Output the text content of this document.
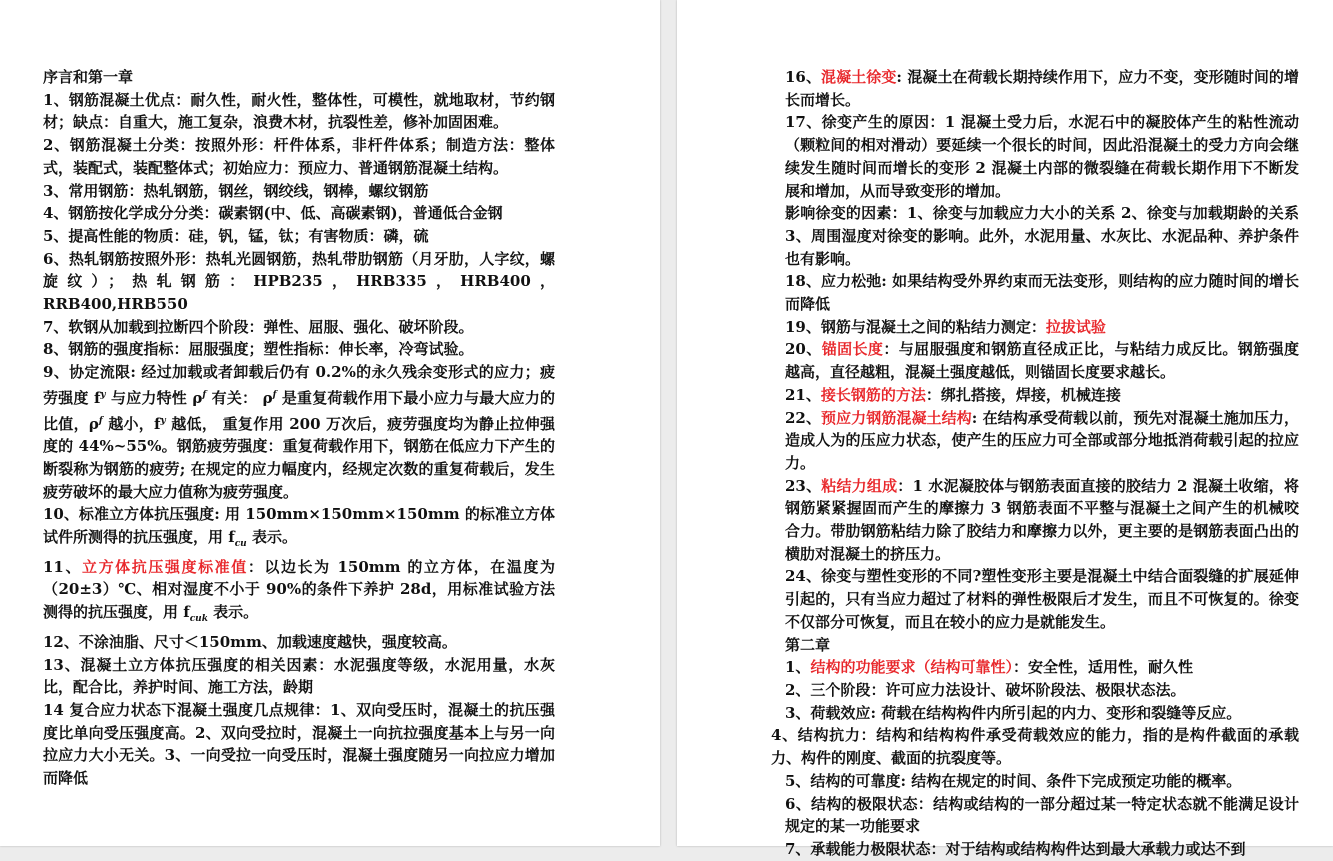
序言和第一章

1、钢筋混凝土优点：耐久性，耐火性，整体性，可模性，就地取材，节约钢材；缺点：自重大，施工复杂，浪费木材，抗裂性差，修补加固困难。

2、钢筋混凝土分类：按照外形：杆件体系，非杆件体系；制造方法：整体式，装配式，装配整体式；初始应力：预应力、普通钢筋混凝土结构。

3、常用钢筋：热轧钢筋，钢丝，钢绞线，钢棒，螺纹钢筋

4、钢筋按化学成分分类：碳素钢(中、低、高碳素钢)，普通低合金钢

5、提高性能的物质：硅，钒，锰，钛；有害物质：磷，硫

6、热轧钢筋按照外形：热轧光圆钢筋，热轧带肋钢筋（月牙肋，人字纹，螺旋纹）；热轧钢筋：HPB235，HRB335，HRB400，RRB400,HRB550

7、软钢从加载到拉断四个阶段：弹性、屈服、强化、破坏阶段。

8、钢筋的强度指标：屈服强度；塑性指标：伸长率，冷弯试验。

9、协定流限: 经过加载或者卸载后仍有 0.2%的永久残余变形式的应力；疲劳强度 $f^y$ 与应力特性 $\rho^f$ 有关： $\rho^f$ 是重复荷载作用下最小应力与最大应力的比值，$\rho^f$ 越小，$f^y$ 越低， 重复作用 200 万次后，疲劳强度均为静止拉伸强度的 44%~55%。钢筋疲劳强度：重复荷载作用下，钢筋在低应力下产生的断裂称为钢筋的疲劳; 在规定的应力幅度内，经规定次数的重复荷载后，发生疲劳破坏的最大应力值称为疲劳强度。

10、标准立方体抗压强度: 用 150mm×150mm×150mm 的标准立方体试件所测得的抗压强度，用 $f_{cu}$ 表示。

11、立方体抗压强度标准值：以边长为 150mm 的立方体，在温度为（20±3）℃、相对湿度不小于 90%的条件下养护 28d，用标准试验方法测得的抗压强度，用 $f_{cuk}$ 表示。

12、不涂油脂、尺寸＜150mm、加载速度越快，强度较高。

13、混凝土立方体抗压强度的相关因素：水泥强度等级，水泥用量，水灰比，配合比，养护时间、施工方法，龄期

14 复合应力状态下混凝土强度几点规律：1、双向受压时，混凝土的抗压强度比单向受压强度高。2、双向受拉时，混凝土一向抗拉强度基本上与另一向拉应力大小无关。3、一向受拉一向受压时，混凝土强度随另一向拉应力增加而降低

16、混凝土徐变: 混凝土在荷载长期持续作用下，应力不变，变形随时间的增长而增长。

17、徐变产生的原因：1 混凝土受力后，水泥石中的凝胶体产生的粘性流动（颗粒间的相对滑动）要延续一个很长的时间，因此沿混凝土的受力方向会继续发生随时间而增长的变形 2 混凝土内部的微裂缝在荷载长期作用下不断发展和增加，从而导致变形的增加。

影响徐变的因素：1、徐变与加载应力大小的关系 2、徐变与加载期龄的关系 3、周围湿度对徐变的影响。此外，水泥用量、水灰比、水泥品种、养护条件也有影响。

18、应力松弛: 如果结构受外界约束而无法变形，则结构的应力随时间的增长而降低

19、钢筋与混凝土之间的粘结力测定：拉拔试验

20、锚固长度：与屈服强度和钢筋直径成正比，与粘结力成反比。钢筋强度越高，直径越粗，混凝土强度越低，则锚固长度要求越长。

21、接长钢筋的方法：绑扎搭接，焊接，机械连接

22、预应力钢筋混凝土结构: 在结构承受荷载以前，预先对混凝土施加压力，造成人为的压应力状态，使产生的压应力可全部或部分地抵消荷载引起的拉应力。

23、粘结力组成：1 水泥凝胶体与钢筋表面直接的胶结力 2 混凝土收缩，将钢筋紧紧握固而产生的摩擦力 3 钢筋表面不平整与混凝土之间产生的机械咬合力。带肋钢筋粘结力除了胶结力和摩擦力以外，更主要的是钢筋表面凸出的横肋对混凝土的挤压力。

24、徐变与塑性变形的不同?塑性变形主要是混凝土中结合面裂缝的扩展延伸引起的，只有当应力超过了材料的弹性极限后才发生，而且不可恢复的。徐变不仅部分可恢复，而且在较小的应力是就能发生。

第二章

1、结构的功能要求（结构可靠性）：安全性，适用性，耐久性

2、三个阶段：许可应力法设计、破坏阶段法、极限状态法。

3、荷载效应: 荷载在结构构件内所引起的内力、变形和裂缝等反应。

4、结构抗力：结构和结构构件承受荷载效应的能力，指的是构件截面的承载力、构件的刚度、截面的抗裂度等。

5、结构的可靠度: 结构在规定的时间、条件下完成预定功能的概率。

6、结构的极限状态：结构或结构的一部分超过某一特定状态就不能满足设计规定的某一功能要求

7、承载能力极限状态：对于结构或结构构件达到最大承载力或达不到
